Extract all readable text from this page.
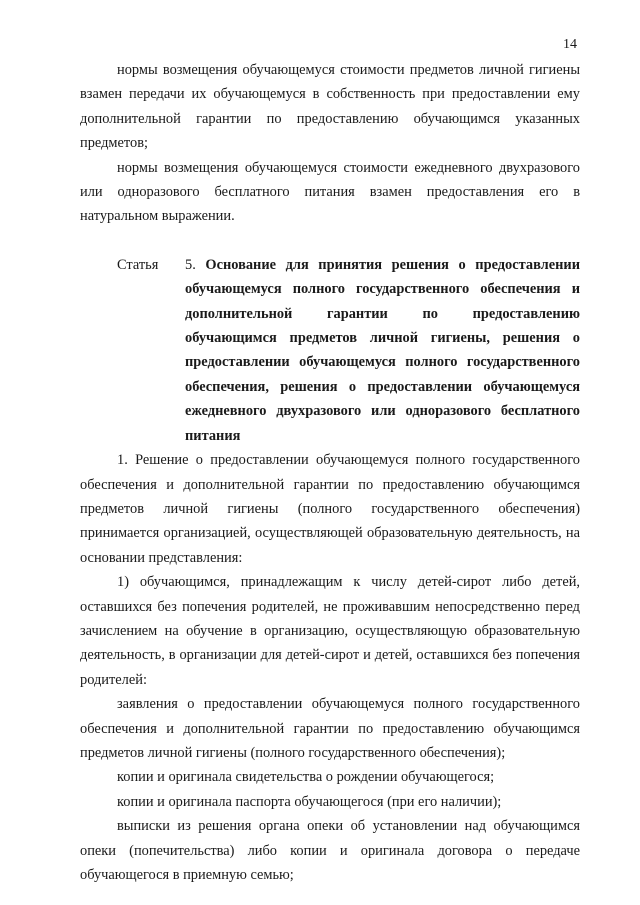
14

нормы возмещения обучающемуся стоимости предметов личной гигиены взамен передачи их обучающемуся в собственность при предоставлении ему дополнительной гарантии по предоставлению обучающимся указанных предметов;

нормы возмещения обучающемуся стоимости ежедневного двухразового или одноразового бесплатного питания взамен предоставления его в натуральном выражении.

Статья	5. Основание для принятия решения о предоставлении обучающемуся полного государственного обеспечения и дополнительной гарантии по предоставлению обучающимся предметов личной гигиены, решения о предоставлении обучающемуся полного государственного обеспечения, решения о предоставлении обучающемуся ежедневного двухразового или одноразового бесплатного питания

1. Решение о предоставлении обучающемуся полного государственного обеспечения и дополнительной гарантии по предоставлению обучающимся предметов личной гигиены (полного государственного обеспечения) принимается организацией, осуществляющей образовательную деятельность, на основании представления:

1) обучающимся, принадлежащим к числу детей-сирот либо детей, оставшихся без попечения родителей, не проживавшим непосредственно перед зачислением на обучение в организацию, осуществляющую образовательную деятельность, в организации для детей-сирот и детей, оставшихся без попечения родителей:

заявления о предоставлении обучающемуся полного государственного обеспечения и дополнительной гарантии по предоставлению обучающимся предметов личной гигиены (полного государственного обеспечения);

копии и оригинала свидетельства о рождении обучающегося;

копии и оригинала паспорта обучающегося (при его наличии);

выписки из решения органа опеки об установлении над обучающимся опеки (попечительства) либо копии и оригинала договора о передаче обучающегося в приемную семью;
